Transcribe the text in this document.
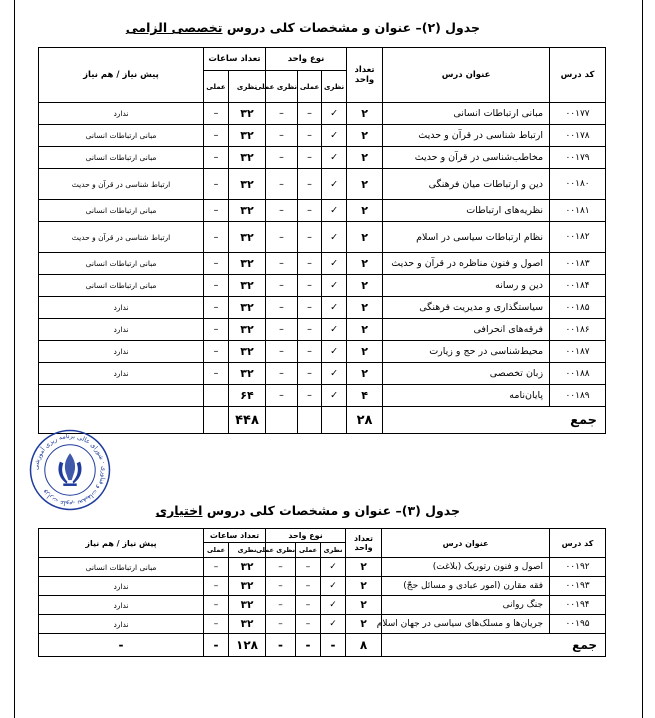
جدول (۲)– عنوان و مشخصات کلی دروس تخصصی الزامی
کد درس	عنوان درس	تعداد واحد	نوع واحد			تعداد ساعات		پیش نیاز / هم نیاز
			نظری	عملی	نظری عملی	نظری	عملی	
۰۰۱۷۷	مبانی ارتباطات انسانی	۲	✓	–	–	۳۲	–	ندارد
۰۰۱۷۸	ارتباط شناسی در قرآن و حدیث	۲	✓	–	–	۳۲	–	مبانی ارتباطات انسانی
۰۰۱۷۹	مخاطب‌شناسی در قرآن و حدیث	۲	✓	–	–	۳۲	–	مبانی ارتباطات انسانی
۰۰۱۸۰	دین و ارتباطات میان فرهنگی	۲	✓	–	–	۳۲	–	ارتباط شناسی در قرآن و حدیث
۰۰۱۸۱	نظریه‌های ارتباطات	۲	✓	–	–	۳۲	–	مبانی ارتباطات انسانی
۰۰۱۸۲	نظام ارتباطات سیاسی در اسلام	۲	✓	–	–	۳۲	–	ارتباط شناسی در قرآن و حدیث
۰۰۱۸۳	اصول و فنون مناظره در قرآن و حدیث	۲	✓	–	–	۳۲	–	مبانی ارتباطات انسانی
۰۰۱۸۴	دین و رسانه	۲	✓	–	–	۳۲	–	مبانی ارتباطات انسانی
۰۰۱۸۵	سیاستگذاری و مدیریت فرهنگی	۲	✓	–	–	۳۲	–	ندارد
۰۰۱۸۶	فرقه‌های انحرافی	۲	✓	–	–	۳۲	–	ندارد
۰۰۱۸۷	محیط‌شناسی در حج و زیارت	۲	✓	–	–	۳۲	–	ندارد
۰۰۱۸۸	زبان تخصصی	۲	✓	–	–	۳۲	–	ندارد
۰۰۱۸۹	پایان‌نامه	۴	✓	–	–	۶۴		
جمع		۲۸				۴۴۸		
وزارت علوم، تحقیقات و فناوری · شورای عالی برنامه ریزی آموزشی
جدول (۳)– عنوان و مشخصات کلی دروس اختیاری
کد درس	عنوان درس	تعداد واحد	نوع واحد			تعداد ساعات		پیش نیاز / هم نیاز
			نظری	عملی	نظری عملی	نظری	عملی	
۰۰۱۹۲	اصول و فنون رتوریک (بلاغت)	۲	✓	–	–	۳۲	–	مبانی ارتباطات انسانی
۰۰۱۹۳	فقه مقارن (امور عبادی و مسائل حجّ)	۲	✓	–	–	۳۲	–	ندارد
۰۰۱۹۴	جنگ روانی	۲	✓	–	–	۳۲	–	ندارد
۰۰۱۹۵	جریان‌ها و مسلک‌های سیاسی در جهان اسلام	۲	✓	–	–	۳۲	–	ندارد
جمع		۸	-	-	-	۱۲۸	-	-
